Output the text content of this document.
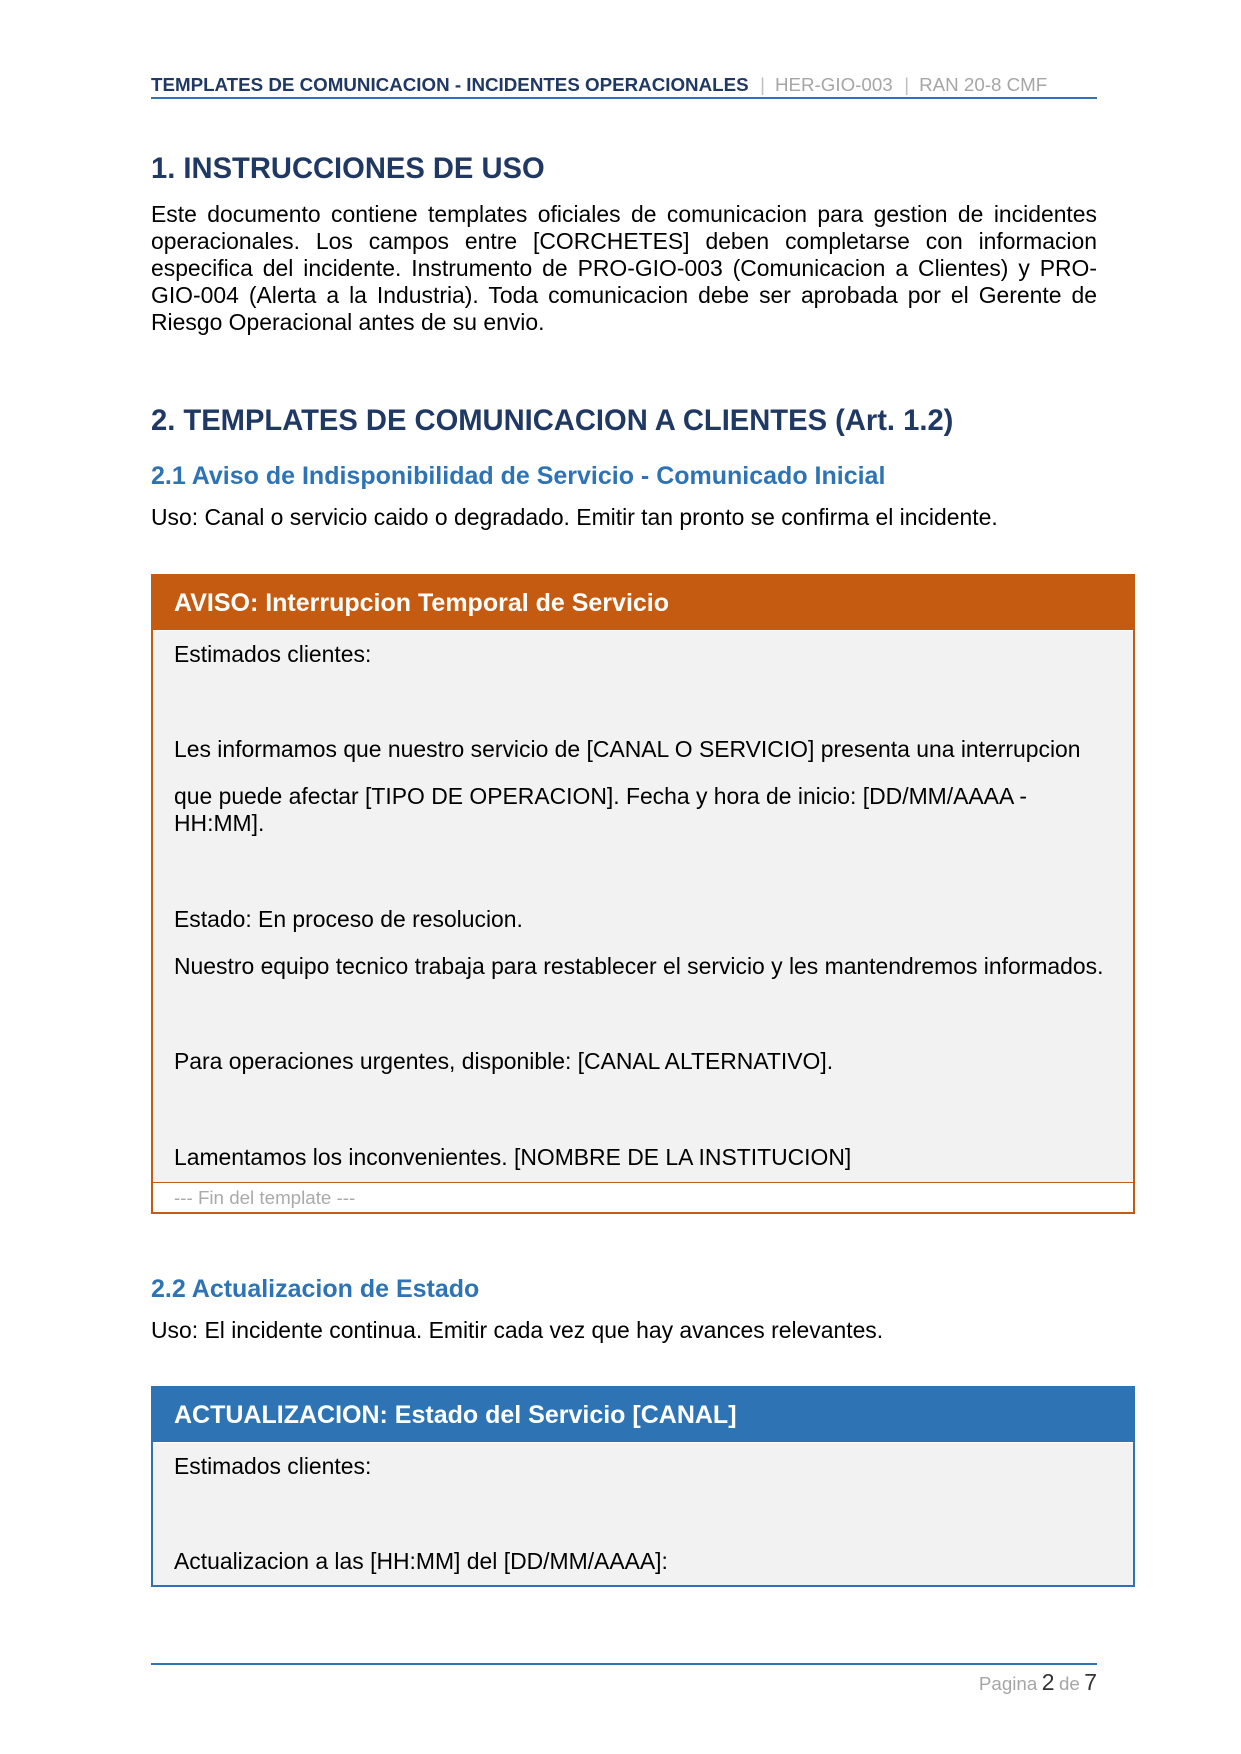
TEMPLATES DE COMUNICACION - INCIDENTES OPERACIONALES | HER-GIO-003 | RAN 20-8 CMF
1. INSTRUCCIONES DE USO
Este documento contiene templates oficiales de comunicacion para gestion de incidentes operacionales. Los campos entre [CORCHETES] deben completarse con informacion especifica del incidente. Instrumento de PRO-GIO-003 (Comunicacion a Clientes) y PRO-GIO-004 (Alerta a la Industria). Toda comunicacion debe ser aprobada por el Gerente de Riesgo Operacional antes de su envio.
2. TEMPLATES DE COMUNICACION A CLIENTES (Art. 1.2)
2.1 Aviso de Indisponibilidad de Servicio - Comunicado Inicial
Uso: Canal o servicio caido o degradado. Emitir tan pronto se confirma el incidente.
AVISO: Interrupcion Temporal de Servicio

Estimados clientes:

Les informamos que nuestro servicio de [CANAL O SERVICIO] presenta una interrupcion

que puede afectar [TIPO DE OPERACION]. Fecha y hora de inicio: [DD/MM/AAAA - HH:MM].

Estado: En proceso de resolucion.

Nuestro equipo tecnico trabaja para restablecer el servicio y les mantendremos informados.

Para operaciones urgentes, disponible: [CANAL ALTERNATIVO].

Lamentamos los inconvenientes. [NOMBRE DE LA INSTITUCION]

--- Fin del template ---
2.2 Actualizacion de Estado
Uso: El incidente continua. Emitir cada vez que hay avances relevantes.
ACTUALIZACION: Estado del Servicio [CANAL]

Estimados clientes:

Actualizacion a las [HH:MM] del [DD/MM/AAAA]:

Pagina 2 de 7
